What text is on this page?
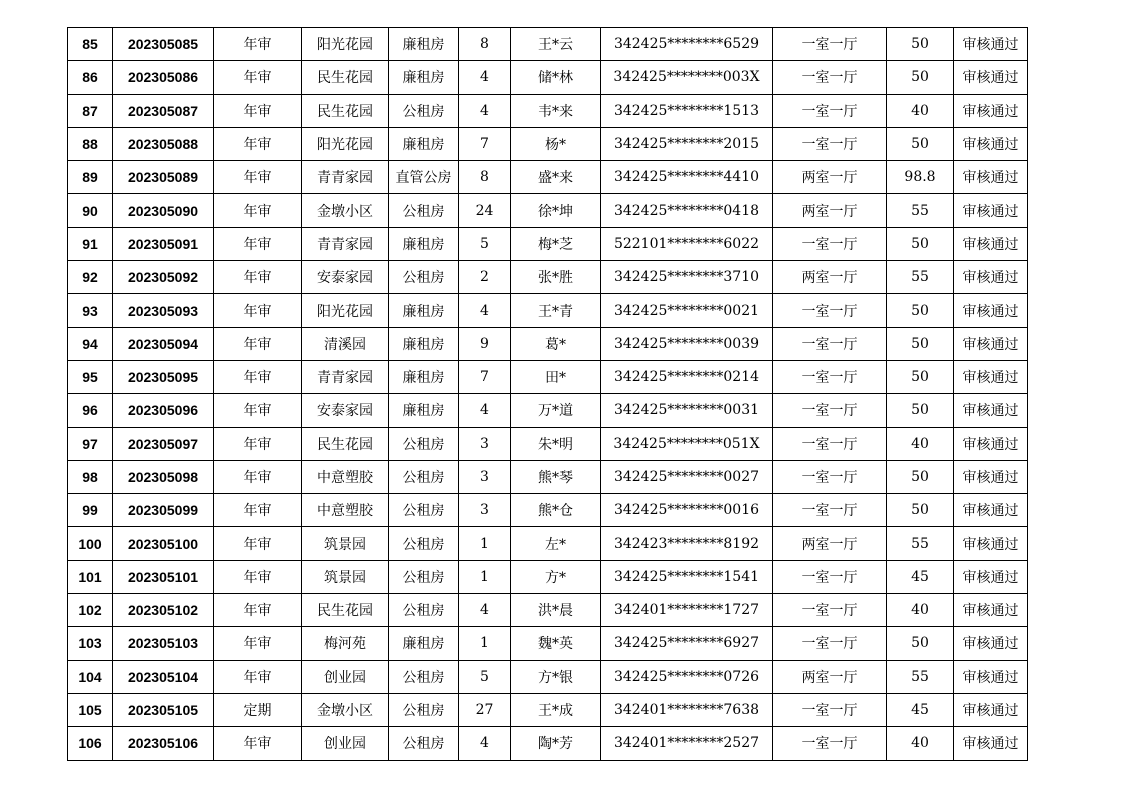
85	202305085	年审	阳光花园	廉租房	8	王*云	342425********6529	一室一厅	50	审核通过
86	202305086	年审	民生花园	廉租房	4	储*林	342425********003X	一室一厅	50	审核通过
87	202305087	年审	民生花园	公租房	4	韦*来	342425********1513	一室一厅	40	审核通过
88	202305088	年审	阳光花园	廉租房	7	杨*	342425********2015	一室一厅	50	审核通过
89	202305089	年审	青青家园	直管公房	8	盛*来	342425********4410	两室一厅	98.8	审核通过
90	202305090	年审	金墩小区	公租房	24	徐*坤	342425********0418	两室一厅	55	审核通过
91	202305091	年审	青青家园	廉租房	5	梅*芝	522101********6022	一室一厅	50	审核通过
92	202305092	年审	安泰家园	公租房	2	张*胜	342425********3710	两室一厅	55	审核通过
93	202305093	年审	阳光花园	廉租房	4	王*青	342425********0021	一室一厅	50	审核通过
94	202305094	年审	清溪园	廉租房	9	葛*	342425********0039	一室一厅	50	审核通过
95	202305095	年审	青青家园	廉租房	7	田*	342425********0214	一室一厅	50	审核通过
96	202305096	年审	安泰家园	廉租房	4	万*道	342425********0031	一室一厅	50	审核通过
97	202305097	年审	民生花园	公租房	3	朱*明	342425********051X	一室一厅	40	审核通过
98	202305098	年审	中意塑胶	公租房	3	熊*琴	342425********0027	一室一厅	50	审核通过
99	202305099	年审	中意塑胶	公租房	3	熊*仓	342425********0016	一室一厅	50	审核通过
100	202305100	年审	筑景园	公租房	1	左*	342423********8192	两室一厅	55	审核通过
101	202305101	年审	筑景园	公租房	1	方*	342425********1541	一室一厅	45	审核通过
102	202305102	年审	民生花园	公租房	4	洪*晨	342401********1727	一室一厅	40	审核通过
103	202305103	年审	梅河苑	廉租房	1	魏*英	342425********6927	一室一厅	50	审核通过
104	202305104	年审	创业园	公租房	5	方*银	342425********0726	两室一厅	55	审核通过
105	202305105	定期	金墩小区	公租房	27	王*成	342401********7638	一室一厅	45	审核通过
106	202305106	年审	创业园	公租房	4	陶*芳	342401********2527	一室一厅	40	审核通过
